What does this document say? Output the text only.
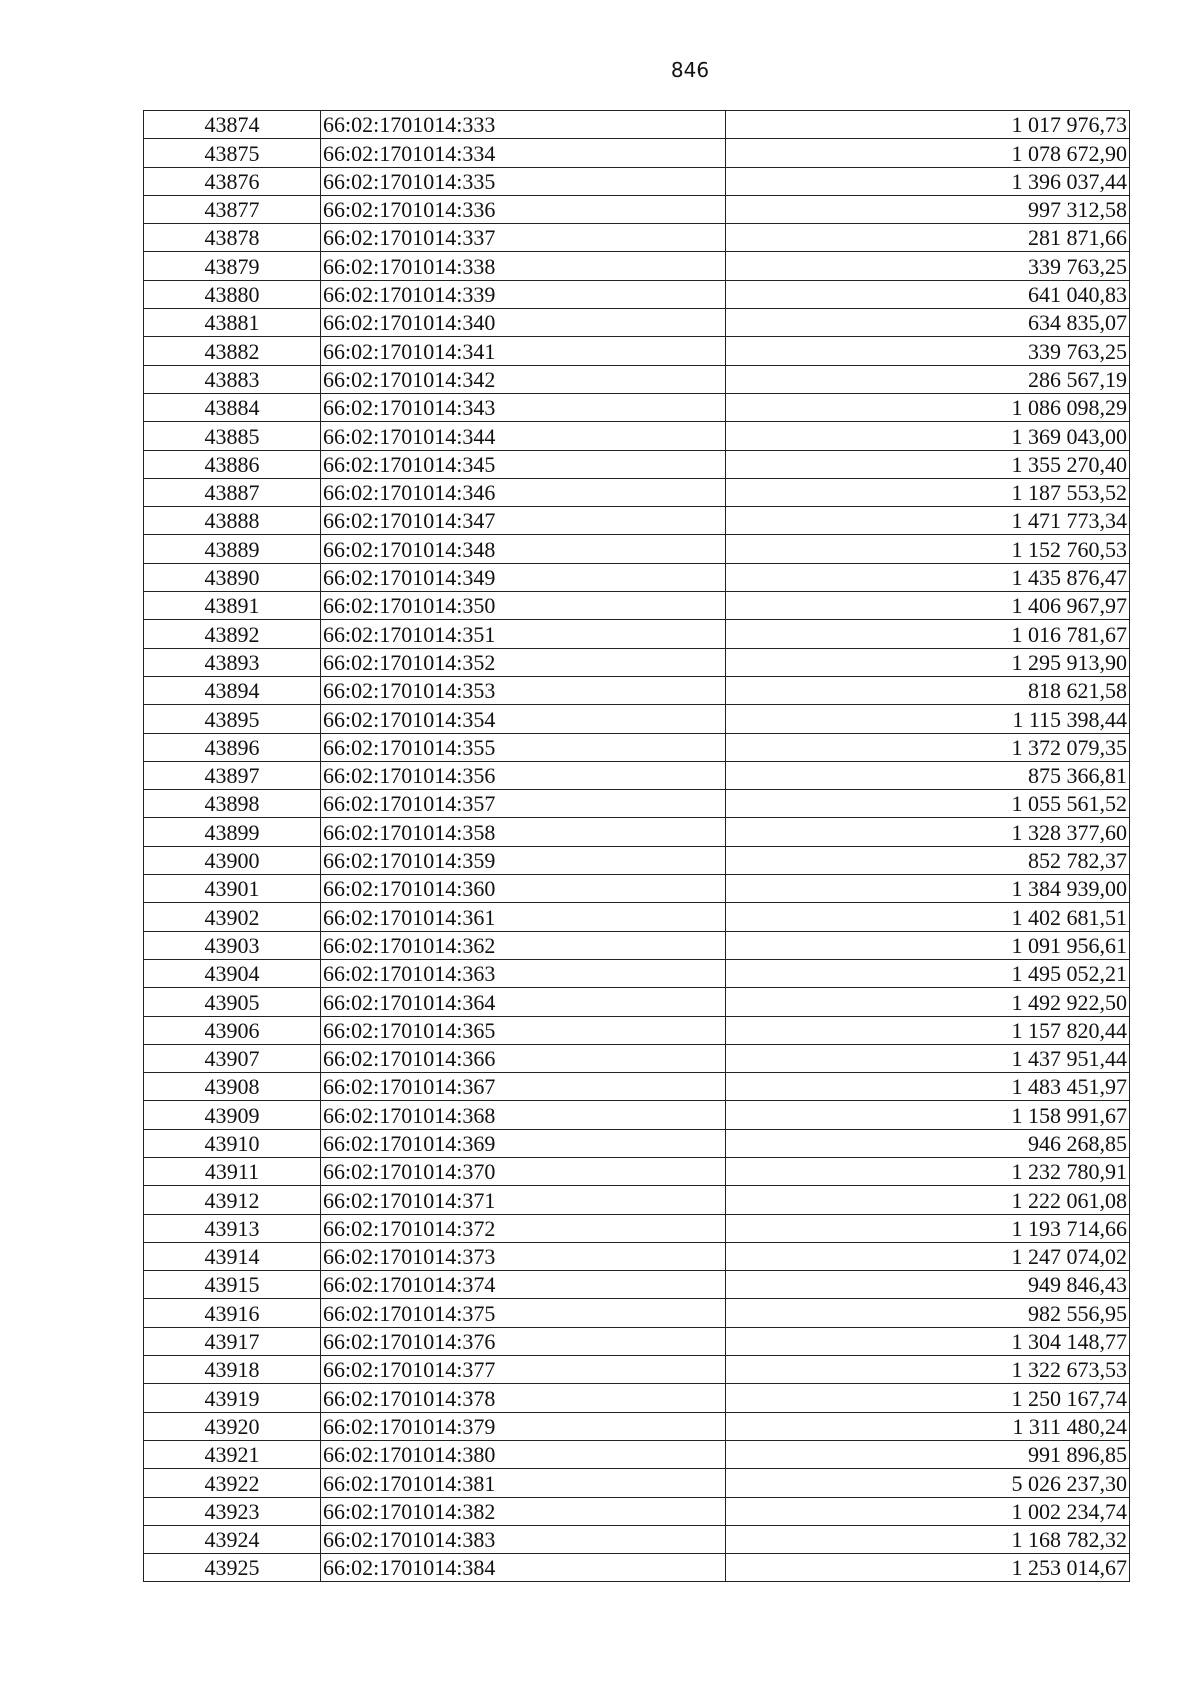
846
43874	66:02:1701014:333	1 017 976,73
43875	66:02:1701014:334	1 078 672,90
43876	66:02:1701014:335	1 396 037,44
43877	66:02:1701014:336	997 312,58
43878	66:02:1701014:337	281 871,66
43879	66:02:1701014:338	339 763,25
43880	66:02:1701014:339	641 040,83
43881	66:02:1701014:340	634 835,07
43882	66:02:1701014:341	339 763,25
43883	66:02:1701014:342	286 567,19
43884	66:02:1701014:343	1 086 098,29
43885	66:02:1701014:344	1 369 043,00
43886	66:02:1701014:345	1 355 270,40
43887	66:02:1701014:346	1 187 553,52
43888	66:02:1701014:347	1 471 773,34
43889	66:02:1701014:348	1 152 760,53
43890	66:02:1701014:349	1 435 876,47
43891	66:02:1701014:350	1 406 967,97
43892	66:02:1701014:351	1 016 781,67
43893	66:02:1701014:352	1 295 913,90
43894	66:02:1701014:353	818 621,58
43895	66:02:1701014:354	1 115 398,44
43896	66:02:1701014:355	1 372 079,35
43897	66:02:1701014:356	875 366,81
43898	66:02:1701014:357	1 055 561,52
43899	66:02:1701014:358	1 328 377,60
43900	66:02:1701014:359	852 782,37
43901	66:02:1701014:360	1 384 939,00
43902	66:02:1701014:361	1 402 681,51
43903	66:02:1701014:362	1 091 956,61
43904	66:02:1701014:363	1 495 052,21
43905	66:02:1701014:364	1 492 922,50
43906	66:02:1701014:365	1 157 820,44
43907	66:02:1701014:366	1 437 951,44
43908	66:02:1701014:367	1 483 451,97
43909	66:02:1701014:368	1 158 991,67
43910	66:02:1701014:369	946 268,85
43911	66:02:1701014:370	1 232 780,91
43912	66:02:1701014:371	1 222 061,08
43913	66:02:1701014:372	1 193 714,66
43914	66:02:1701014:373	1 247 074,02
43915	66:02:1701014:374	949 846,43
43916	66:02:1701014:375	982 556,95
43917	66:02:1701014:376	1 304 148,77
43918	66:02:1701014:377	1 322 673,53
43919	66:02:1701014:378	1 250 167,74
43920	66:02:1701014:379	1 311 480,24
43921	66:02:1701014:380	991 896,85
43922	66:02:1701014:381	5 026 237,30
43923	66:02:1701014:382	1 002 234,74
43924	66:02:1701014:383	1 168 782,32
43925	66:02:1701014:384	1 253 014,67
